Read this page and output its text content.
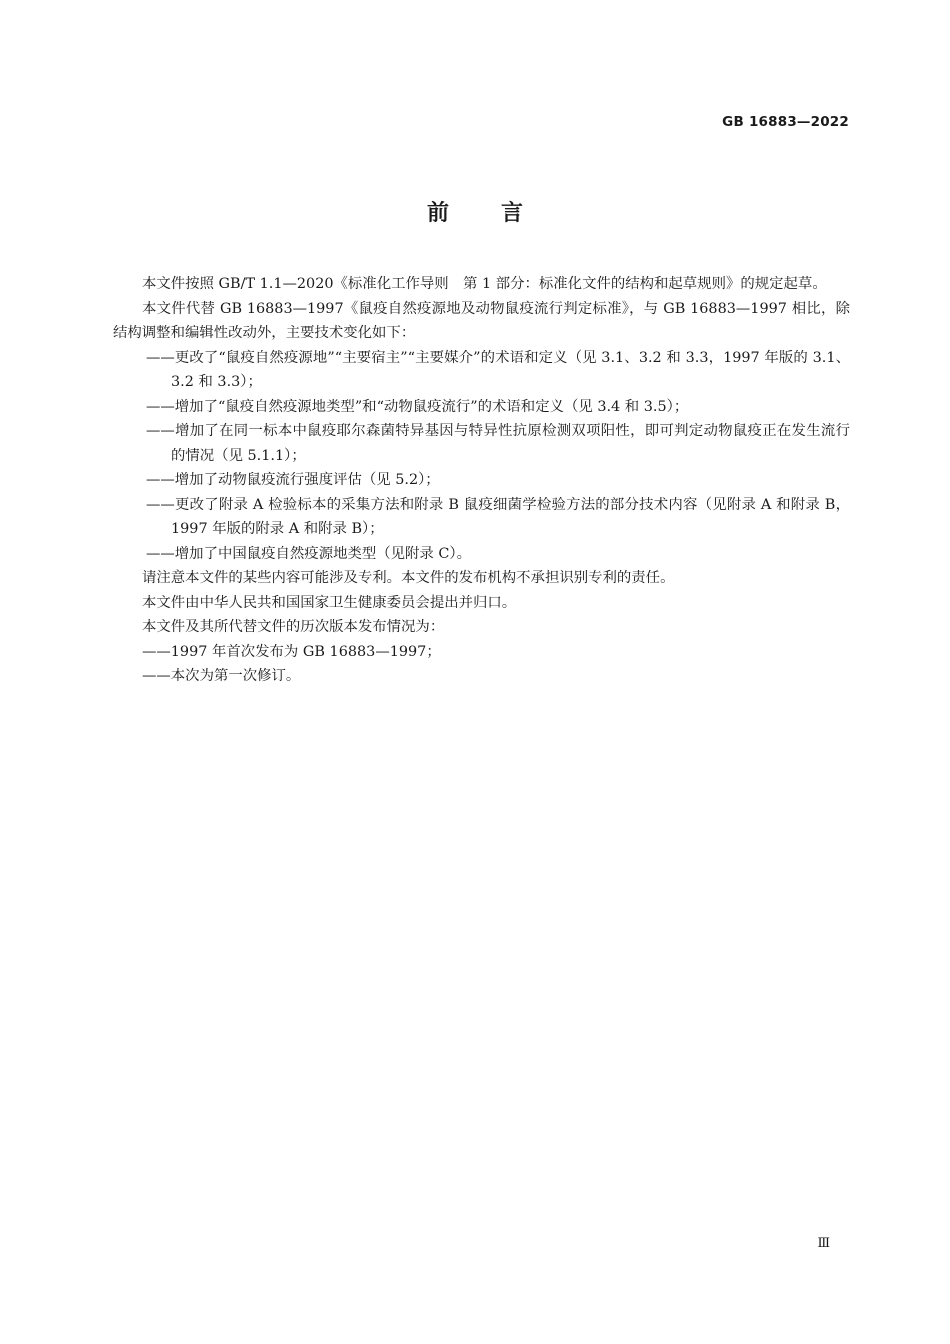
GB 16883—2022
前言

本文件按照 GB/T 1.1—2020《标准化工作导则　第 1 部分：标准化文件的结构和起草规则》的规定起草。

本文件代替 GB 16883—1997《鼠疫自然疫源地及动物鼠疫流行判定标准》，与 GB 16883—1997 相比，除结构调整和编辑性改动外，主要技术变化如下：

——更改了“鼠疫自然疫源地”“主要宿主”“主要媒介”的术语和定义（见 3.1、3.2 和 3.3，1997 年版的 3.1、3.2 和 3.3）；

——增加了“鼠疫自然疫源地类型”和“动物鼠疫流行”的术语和定义（见 3.4 和 3.5）；

——增加了在同一标本中鼠疫耶尔森菌特异基因与特异性抗原检测双项阳性，即可判定动物鼠疫正在发生流行的情况（见 5.1.1）；

——增加了动物鼠疫流行强度评估（见 5.2）；

——更改了附录 A 检验标本的采集方法和附录 B 鼠疫细菌学检验方法的部分技术内容（见附录 A 和附录 B，1997 年版的附录 A 和附录 B）；

——增加了中国鼠疫自然疫源地类型（见附录 C）。

请注意本文件的某些内容可能涉及专利。本文件的发布机构不承担识别专利的责任。

本文件由中华人民共和国国家卫生健康委员会提出并归口。

本文件及其所代替文件的历次版本发布情况为：

——1997 年首次发布为 GB 16883—1997；

——本次为第一次修订。

Ⅲ
